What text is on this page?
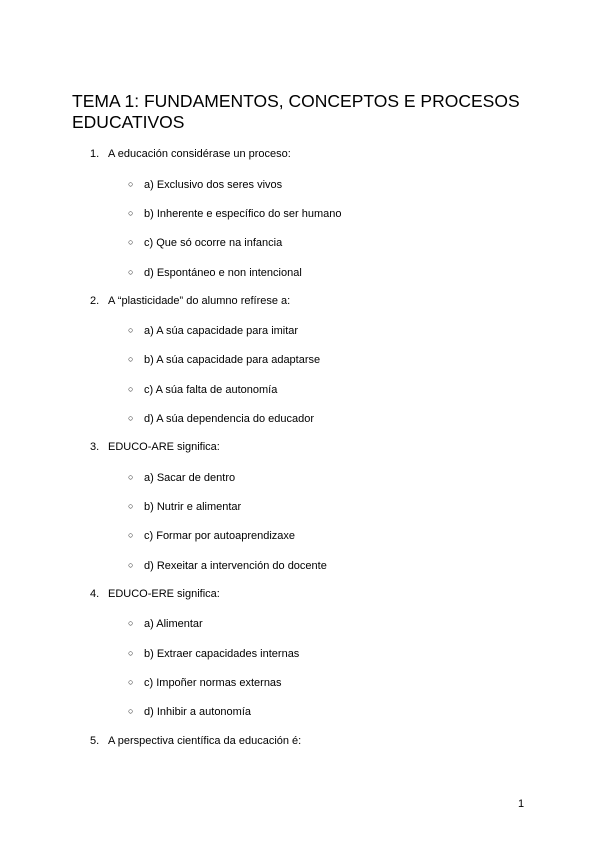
TEMA 1: FUNDAMENTOS, CONCEPTOS E PROCESOS EDUCATIVOS
1. A educación considérase un proceso:
○ a) Exclusivo dos seres vivos
○ b) Inherente e específico do ser humano
○ c) Que só ocorre na infancia
○ d) Espontáneo e non intencional
2. A “plasticidade” do alumno refírese a:
○ a) A súa capacidade para imitar
○ b) A súa capacidade para adaptarse
○ c) A súa falta de autonomía
○ d) A súa dependencia do educador
3. EDUCO-ARE significa:
○ a) Sacar de dentro
○ b) Nutrir e alimentar
○ c) Formar por autoaprendizaxe
○ d) Rexeitar a intervención do docente
4. EDUCO-ERE significa:
○ a) Alimentar
○ b) Extraer capacidades internas
○ c) Impoñer normas externas
○ d) Inhibir a autonomía
5. A perspectiva científica da educación é:
1
